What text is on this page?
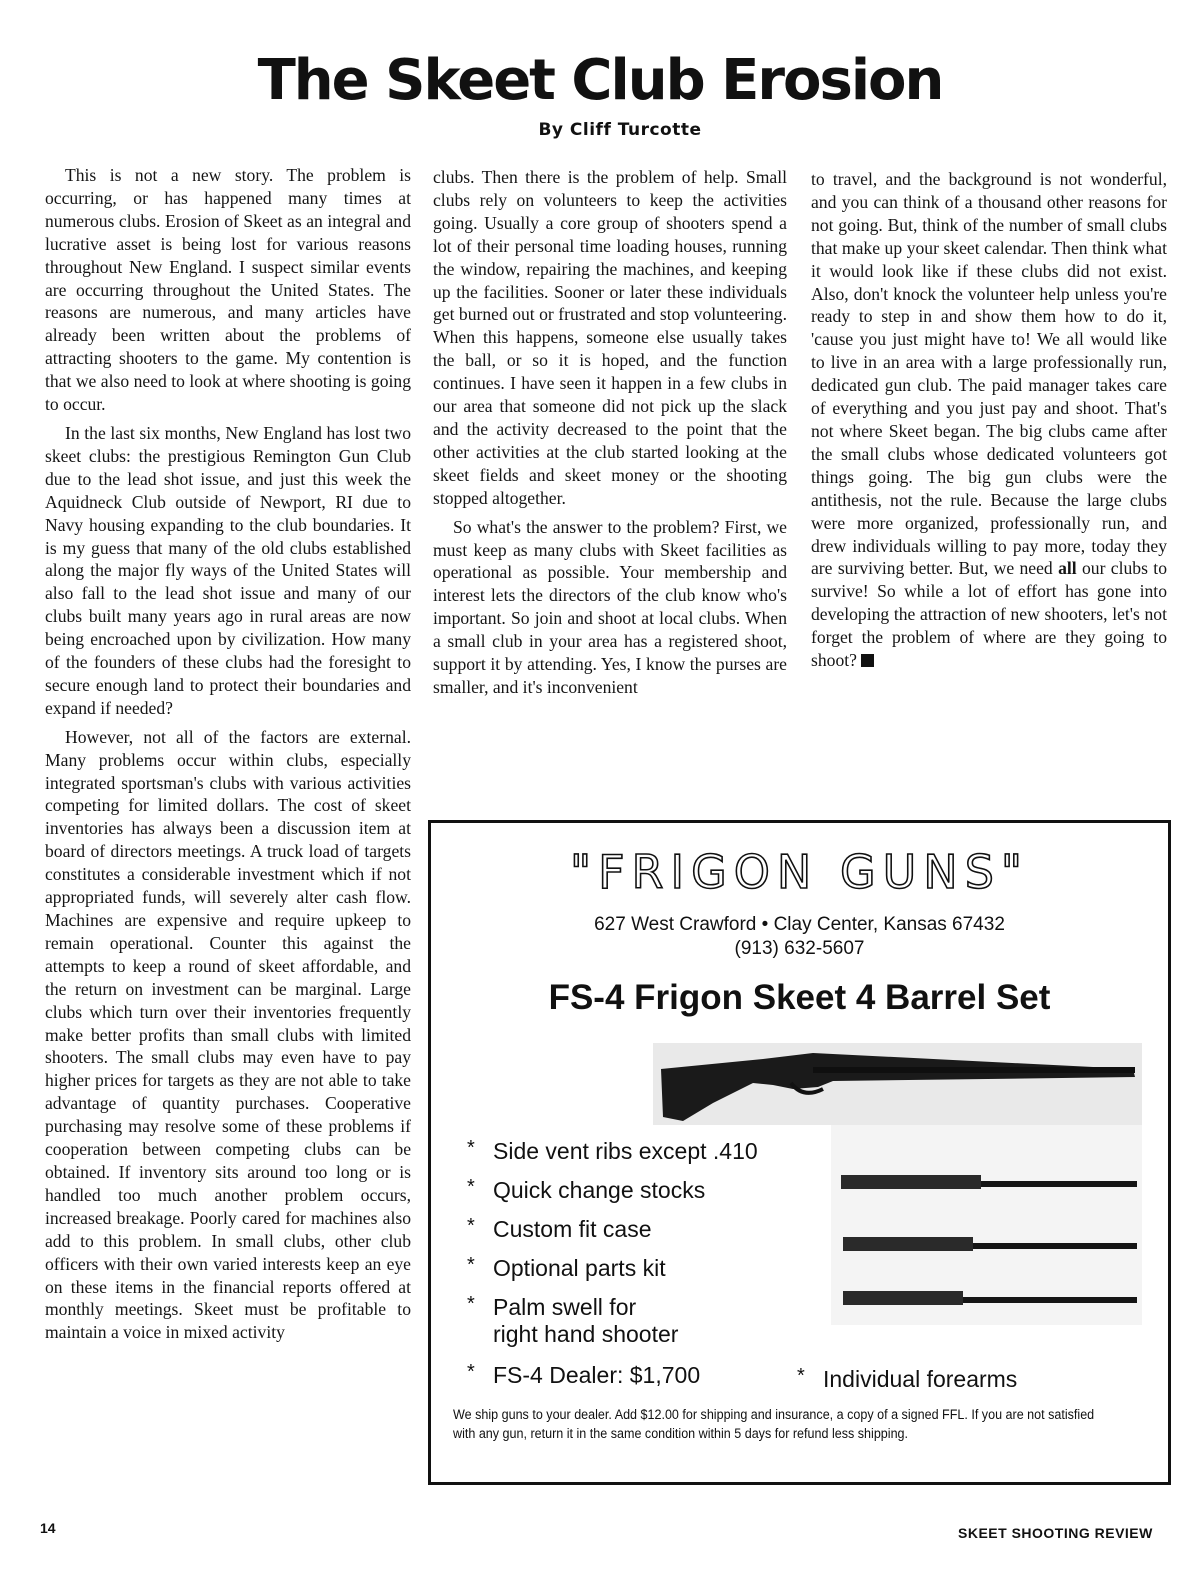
The Skeet Club Erosion
By Cliff Turcotte

This is not a new story. The problem is occurring, or has happened many times at numerous clubs. Erosion of Skeet as an integral and lucrative asset is being lost for various reasons throughout New England. I suspect similar events are occurring throughout the United States. The reasons are numerous, and many articles have already been written about the problems of attracting shooters to the game. My contention is that we also need to look at where shooting is going to occur.

In the last six months, New England has lost two skeet clubs: the prestigious Remington Gun Club due to the lead shot issue, and just this week the Aquidneck Club outside of Newport, RI due to Navy housing expanding to the club boundaries. It is my guess that many of the old clubs established along the major fly ways of the United States will also fall to the lead shot issue and many of our clubs built many years ago in rural areas are now being encroached upon by civilization. How many of the founders of these clubs had the foresight to secure enough land to protect their boundaries and expand if needed?

However, not all of the factors are external. Many problems occur within clubs, especially integrated sportsman's clubs with various activities competing for limited dollars. The cost of skeet inventories has always been a discussion item at board of directors meetings. A truck load of targets constitutes a considerable investment which if not appropriated funds, will severely alter cash flow. Machines are expensive and require upkeep to remain operational. Counter this against the attempts to keep a round of skeet affordable, and the return on investment can be marginal. Large clubs which turn over their inventories frequently make better profits than small clubs with limited shooters. The small clubs may even have to pay higher prices for targets as they are not able to take advantage of quantity purchases. Cooperative purchasing may resolve some of these problems if cooperation between competing clubs can be obtained. If inventory sits around too long or is handled too much another problem occurs, increased breakage. Poorly cared for machines also add to this problem. In small clubs, other club officers with their own varied interests keep an eye on these items in the financial reports offered at monthly meetings. Skeet must be profitable to maintain a voice in mixed activity

clubs. Then there is the problem of help. Small clubs rely on volunteers to keep the activities going. Usually a core group of shooters spend a lot of their personal time loading houses, running the window, repairing the machines, and keeping up the facilities. Sooner or later these individuals get burned out or frustrated and stop volunteering. When this happens, someone else usually takes the ball, or so it is hoped, and the function continues. I have seen it happen in a few clubs in our area that someone did not pick up the slack and the activity decreased to the point that the other activities at the club started looking at the skeet fields and skeet money or the shooting stopped altogether.

So what's the answer to the problem? First, we must keep as many clubs with Skeet facilities as operational as possible. Your membership and interest lets the directors of the club know who's important. So join and shoot at local clubs. When a small club in your area has a registered shoot, support it by attending. Yes, I know the purses are smaller, and it's inconvenient

to travel, and the background is not wonderful, and you can think of a thousand other reasons for not going. But, think of the number of small clubs that make up your skeet calendar. Then think what it would look like if these clubs did not exist. Also, don't knock the volunteer help unless you're ready to step in and show them how to do it, 'cause you just might have to! We all would like to live in an area with a large professionally run, dedicated gun club. The paid manager takes care of everything and you just pay and shoot. That's not where Skeet began. The big clubs came after the small clubs whose dedicated volunteers got things going. The big gun clubs were the antithesis, not the rule. Because the large clubs were more organized, professionally run, and drew individuals willing to pay more, today they are surviving better. But, we need all our clubs to survive! So while a lot of effort has gone into developing the attraction of new shooters, let's not forget the problem of where are they going to shoot?

"FRIGON GUNS"
627 West Crawford • Clay Center, Kansas 67432
(913) 632-5607
FS-4 Frigon Skeet 4 Barrel Set
* Side vent ribs except .410
* Quick change stocks
* Custom fit case
* Optional parts kit
* Palm swell for
right hand shooter
* FS-4 Dealer: $1,700	* Individual forearms
We ship guns to your dealer. Add $12.00 for shipping and insurance, a copy of a signed FFL. If you are not satisfied with any gun, return it in the same condition within 5 days for refund less shipping.
14	SKEET SHOOTING REVIEW
